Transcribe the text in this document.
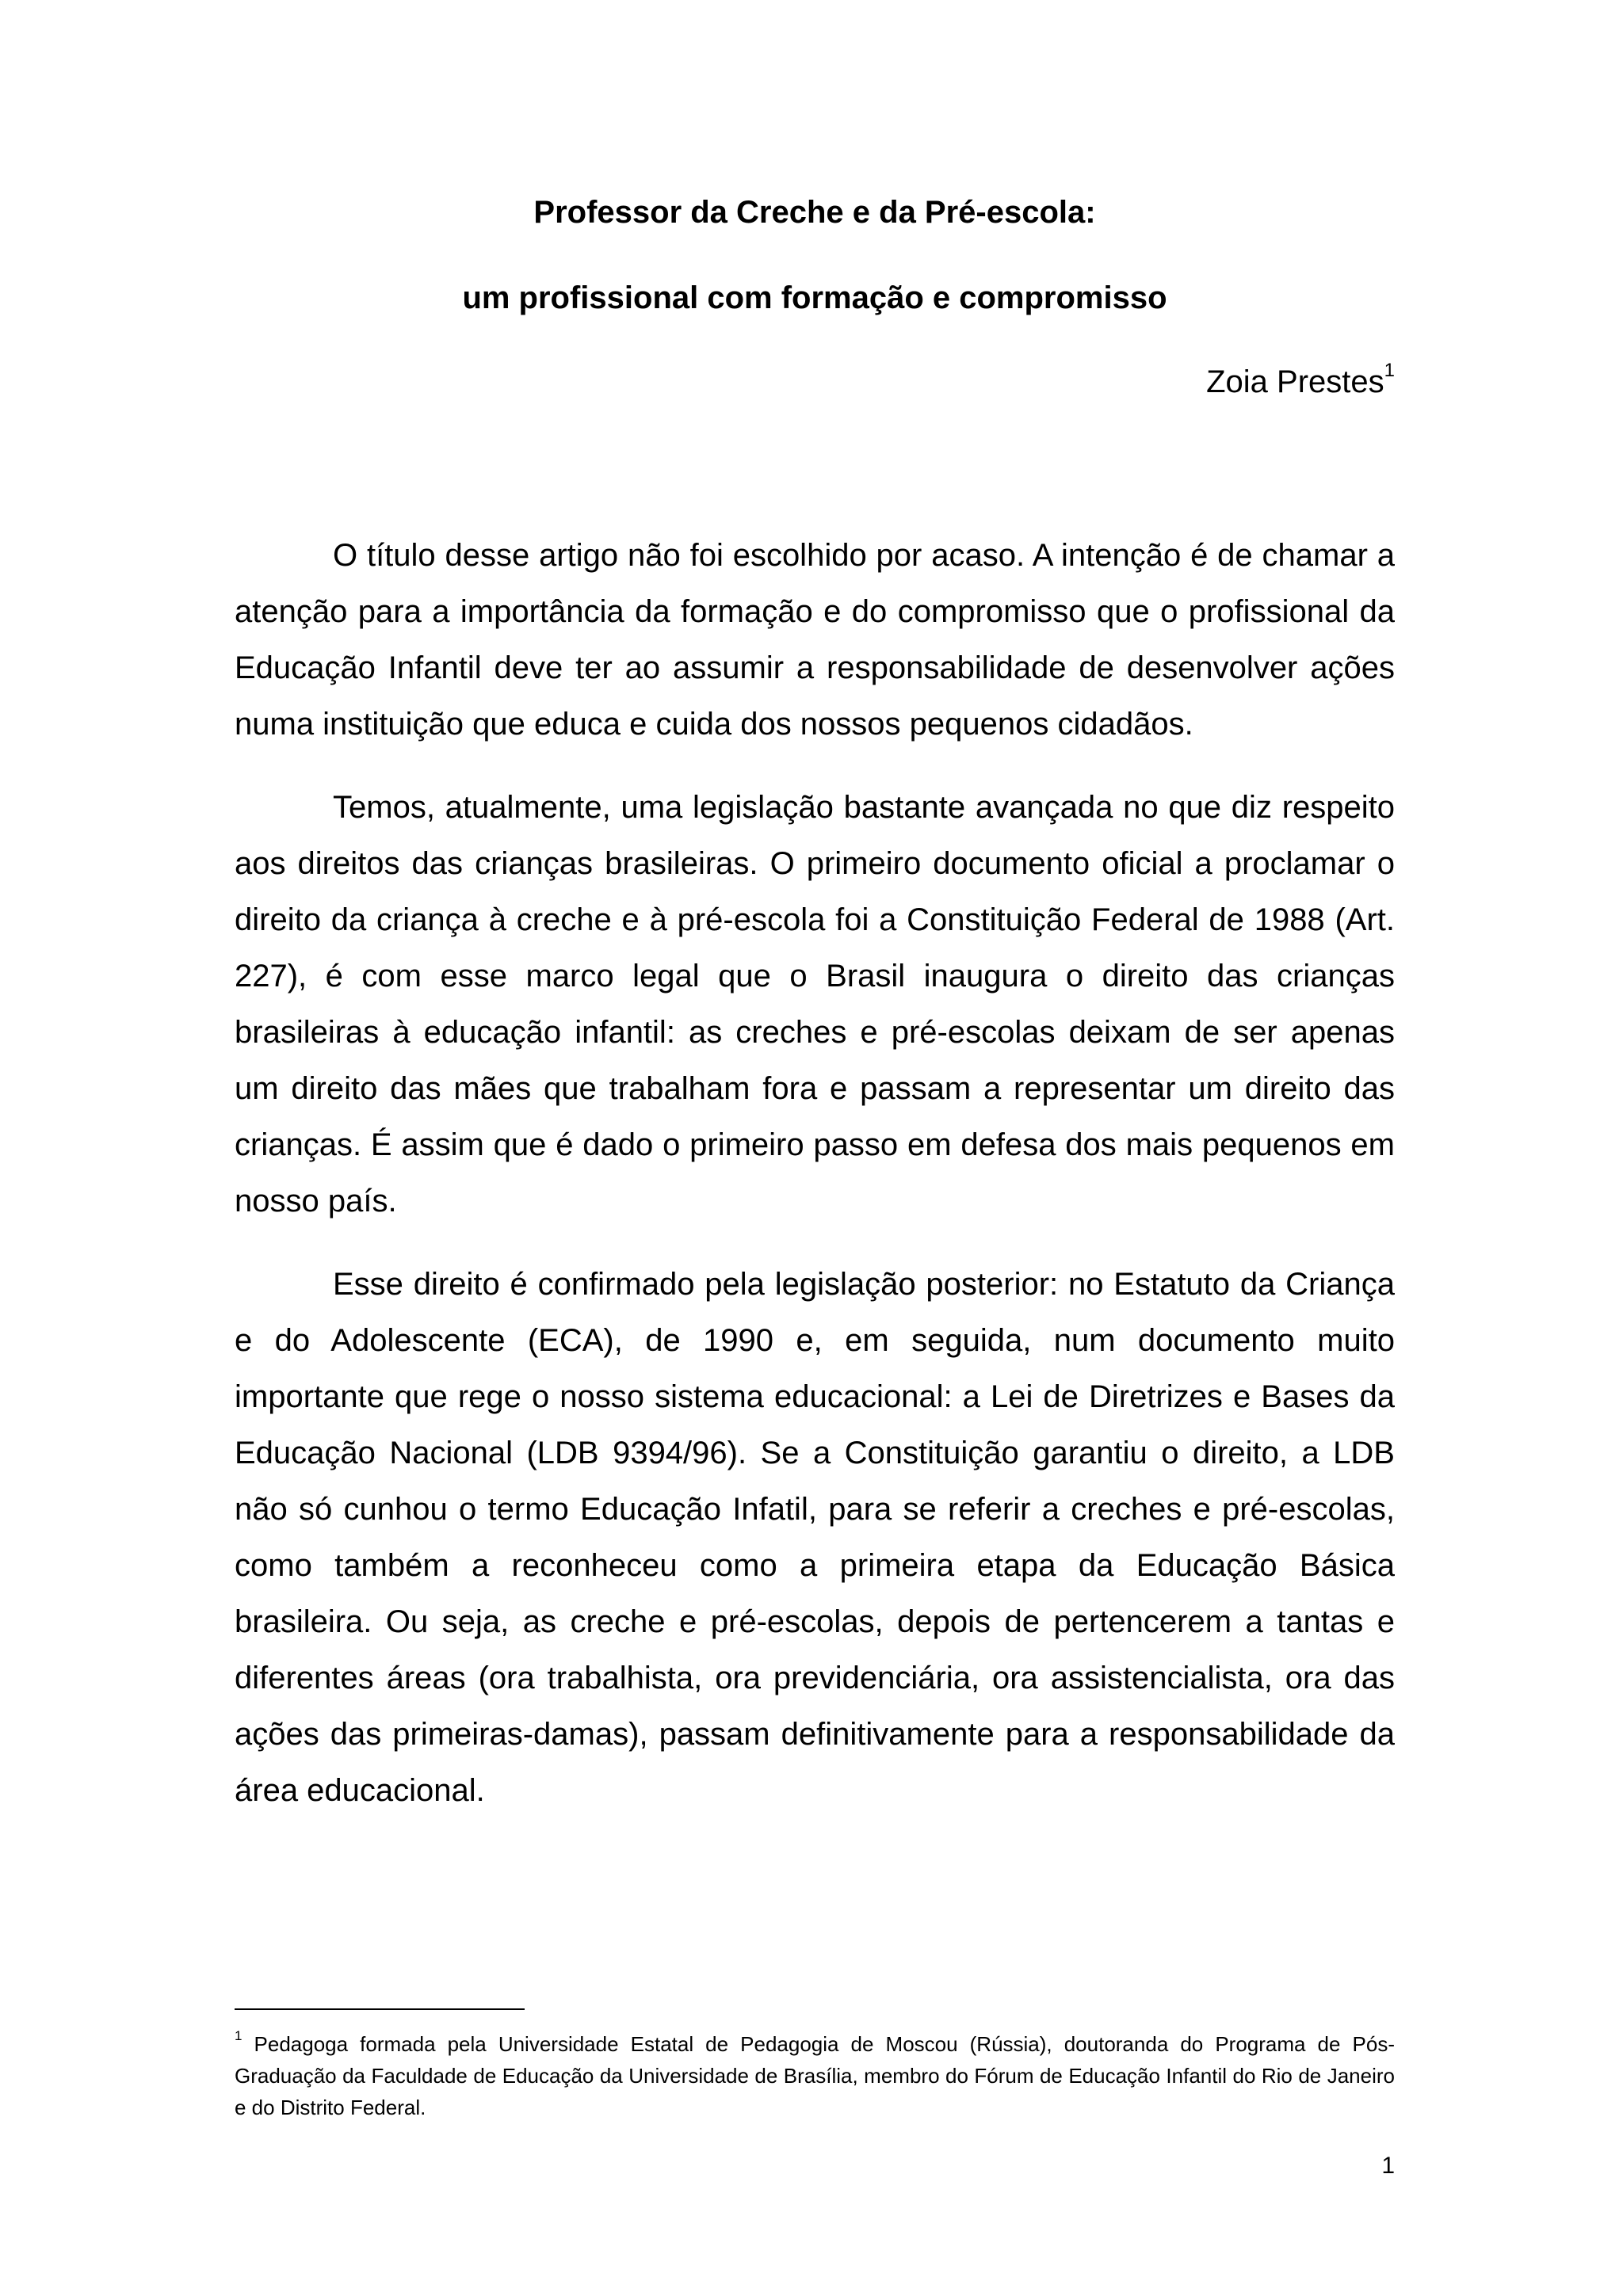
Professor da Creche e da Pré-escola:
um profissional com formação e compromisso
Zoia Prestes$^1$

O título desse artigo não foi escolhido por acaso. A intenção é de chamar a atenção para a importância da formação e do compromisso que o profissional da Educação Infantil deve ter ao assumir a responsabilidade de desenvolver ações numa instituição que educa e cuida dos nossos pequenos cidadãos.

Temos, atualmente, uma legislação bastante avançada no que diz respeito aos direitos das crianças brasileiras. O primeiro documento oficial a proclamar o direito da criança à creche e à pré-escola foi a Constituição Federal de 1988 (Art. 227), é com esse marco legal que o Brasil inaugura o direito das crianças brasileiras à educação infantil: as creches e pré-escolas deixam de ser apenas um direito das mães que trabalham fora e passam a representar um direito das crianças. É assim que é dado o primeiro passo em defesa dos mais pequenos em nosso país.

Esse direito é confirmado pela legislação posterior: no Estatuto da Criança e do Adolescente (ECA), de 1990 e, em seguida, num documento muito importante que rege o nosso sistema educacional: a Lei de Diretrizes e Bases da Educação Nacional (LDB 9394/96). Se a Constituição garantiu o direito, a LDB não só cunhou o termo Educação Infatil, para se referir a creches e pré-escolas, como também a reconheceu como a primeira etapa da Educação Básica brasileira. Ou seja, as creche e pré-escolas, depois de pertencerem a tantas e diferentes áreas (ora trabalhista, ora previdenciária, ora assistencialista, ora das ações das primeiras-damas), passam definitivamente para a responsabilidade da área educacional.

$^1$ Pedagoga formada pela Universidade Estatal de Pedagogia de Moscou (Rússia), doutoranda do Programa de Pós-Graduação da Faculdade de Educação da Universidade de Brasília, membro do Fórum de Educação Infantil do Rio de Janeiro e do Distrito Federal.
1
